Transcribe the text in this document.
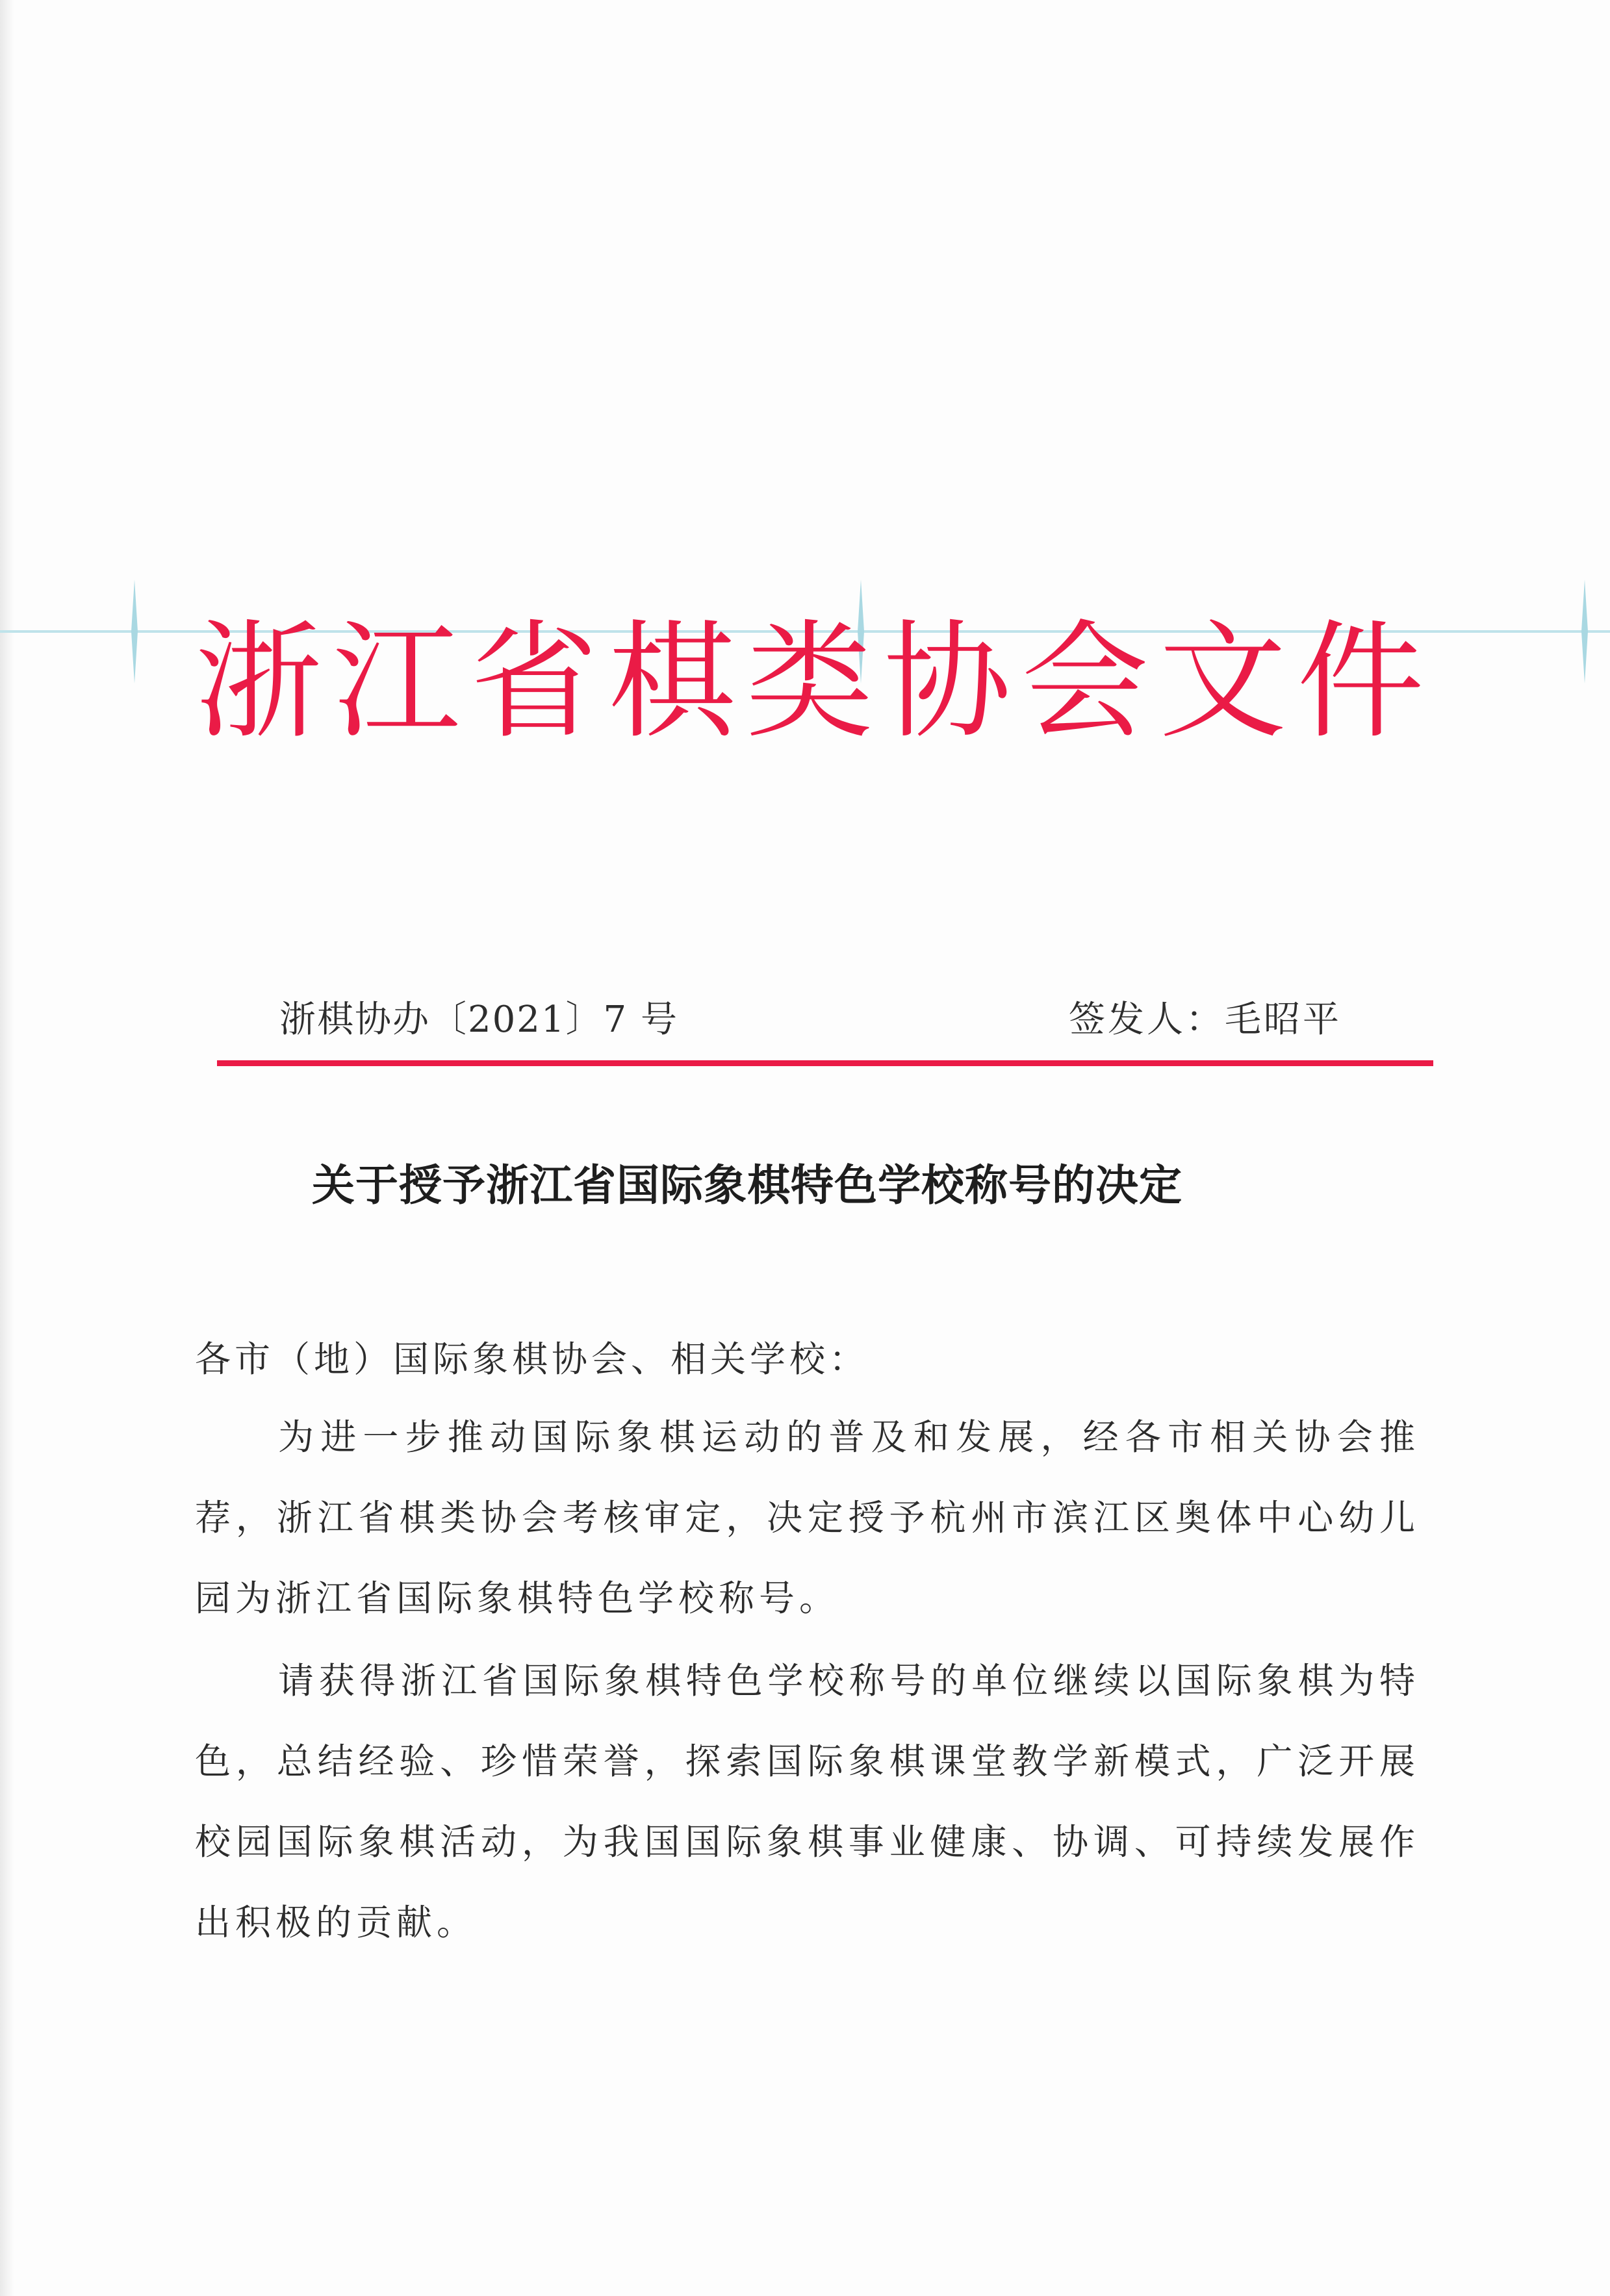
浙江省棋类协会文件
浙棋协办〔2021〕7 号	签发人：毛昭平
关于授予浙江省国际象棋特色学校称号的决定
各市（地）国际象棋协会、相关学校：

为进一步推动国际象棋运动的普及和发展，经各市相关协会推荐，浙江省棋类协会考核审定，决定授予杭州市滨江区奥体中心幼儿园为浙江省国际象棋特色学校称号。

请获得浙江省国际象棋特色学校称号的单位继续以国际象棋为特色，总结经验、珍惜荣誉，探索国际象棋课堂教学新模式，广泛开展校园国际象棋活动，为我国国际象棋事业健康、协调、可持续发展作出积极的贡献。
